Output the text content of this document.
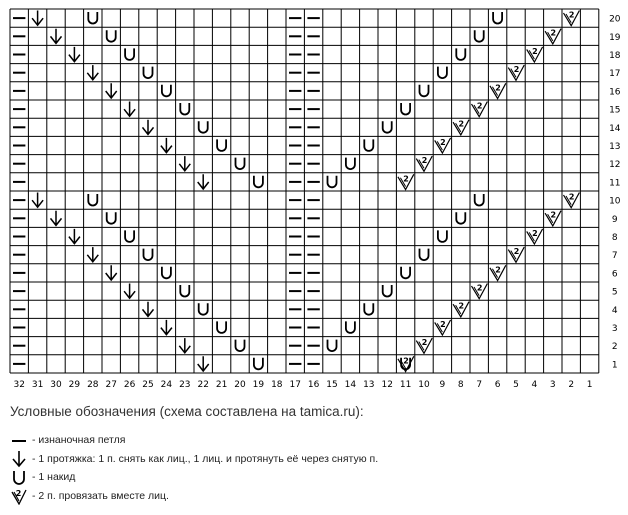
2
2
2
2
2
2
2
2
2
2
2
2
2
2
2
2
2
2
2
2
32 31 30 29 28 27 26 25 24 23 22 21 20 19 18 17 16 15 14 13 12 11 10 9 8 7 6 5 4 3 2 1
1
2
3
4
5
6
7
8
9
10
11
12
13
14
15
16
17
18
19
20
Условные обозначения (схема составлена на tamica.ru):
- изнаночная петля
- 1 протяжка: 1 п. снять как лиц., 1 лиц. и протянуть её через снятую п.
- 1 накид
2 - 2 п. провязать вместе лиц.
